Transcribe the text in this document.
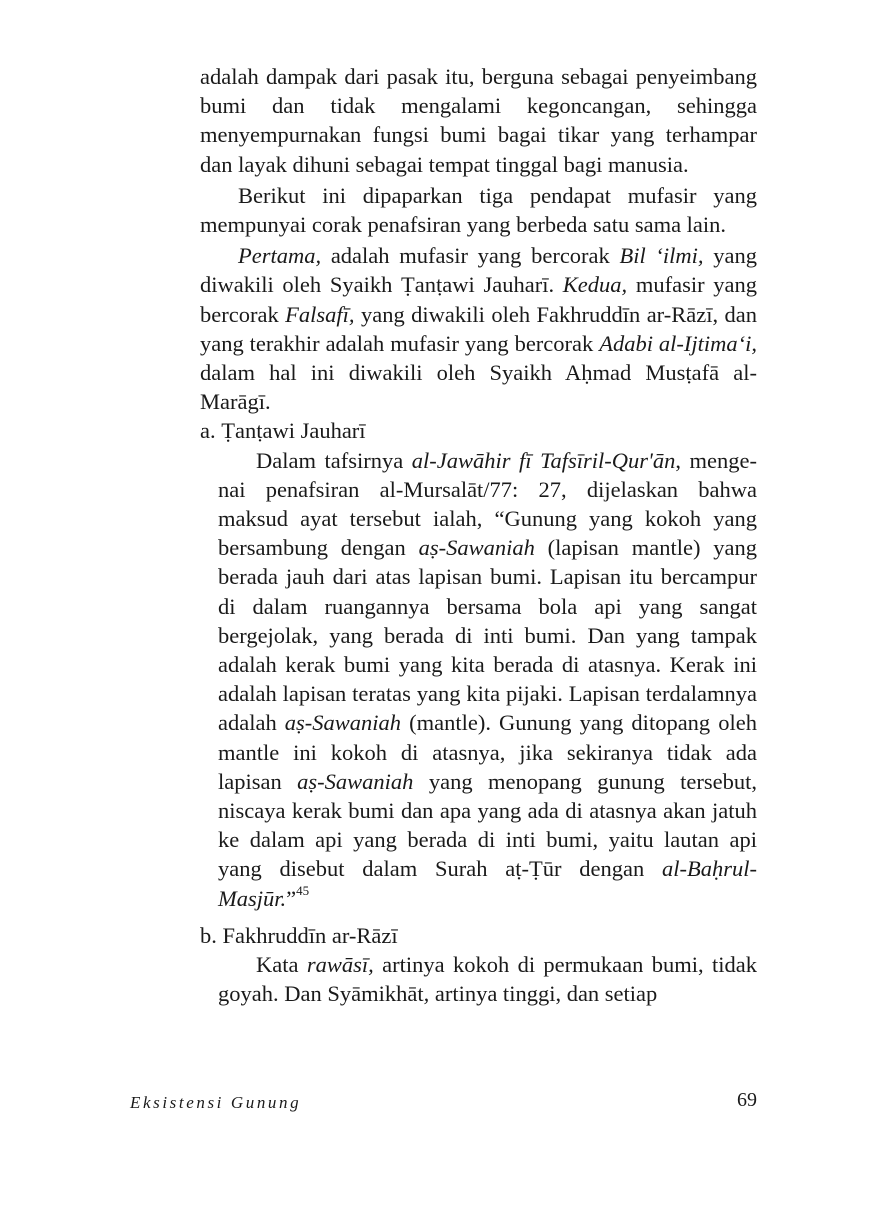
adalah dampak dari pasak itu, berguna sebagai penyeimbang bumi dan tidak mengalami kegoncangan, sehingga menyempurnakan fungsi bumi bagai tikar yang terhampar dan layak dihuni sebagai tempat tinggal bagi manusia.

Berikut ini dipaparkan tiga pendapat mufasir yang mempunyai corak penafsiran yang berbeda satu sama lain.

Pertama, adalah mufasir yang bercorak Bil ‘ilmi, yang diwakili oleh Syaikh Ṭanṭawi Jauharī. Kedua, mufasir yang bercorak Falsafī, yang diwakili oleh Fakhruddīn ar-Rāzī, dan yang terakhir adalah mufasir yang bercorak Adabi al-Ijtima‘i, dalam hal ini diwakili oleh Syaikh Aḥmad Musṭafā al-Marāgī.

a. Ṭanṭawi Jauharī

Dalam tafsirnya al-Jawāhir fī Tafsīril-Qur'ān, mengenai penafsiran al-Mursalāt/77: 27, dijelaskan bahwa maksud ayat tersebut ialah, “Gunung yang kokoh yang bersambung dengan aṣ-Sawaniah (lapisan mantle) yang berada jauh dari atas lapisan bumi. Lapisan itu bercampur di dalam ruangannya bersama bola api yang sangat bergejolak, yang berada di inti bumi. Dan yang tampak adalah kerak bumi yang kita berada di atasnya. Kerak ini adalah lapisan teratas yang kita pijaki. Lapisan terdalamnya adalah aṣ-Sawaniah (mantle). Gunung yang ditopang oleh mantle ini kokoh di atasnya, jika sekiranya tidak ada lapisan aṣ-Sawaniah yang menopang gunung tersebut, niscaya kerak bumi dan apa yang ada di atasnya akan jatuh ke dalam api yang berada di inti bumi, yaitu lautan api yang disebut dalam Surah aṭ-Ṭūr dengan al-Baḥrul-Masjūr.”$^{45}$

b. Fakhruddīn ar-Rāzī

Kata rawāsī, artinya kokoh di permukaan bumi, tidak goyah. Dan Syāmikhāt, artinya tinggi, dan setiap

Eksistensi Gunung	69
